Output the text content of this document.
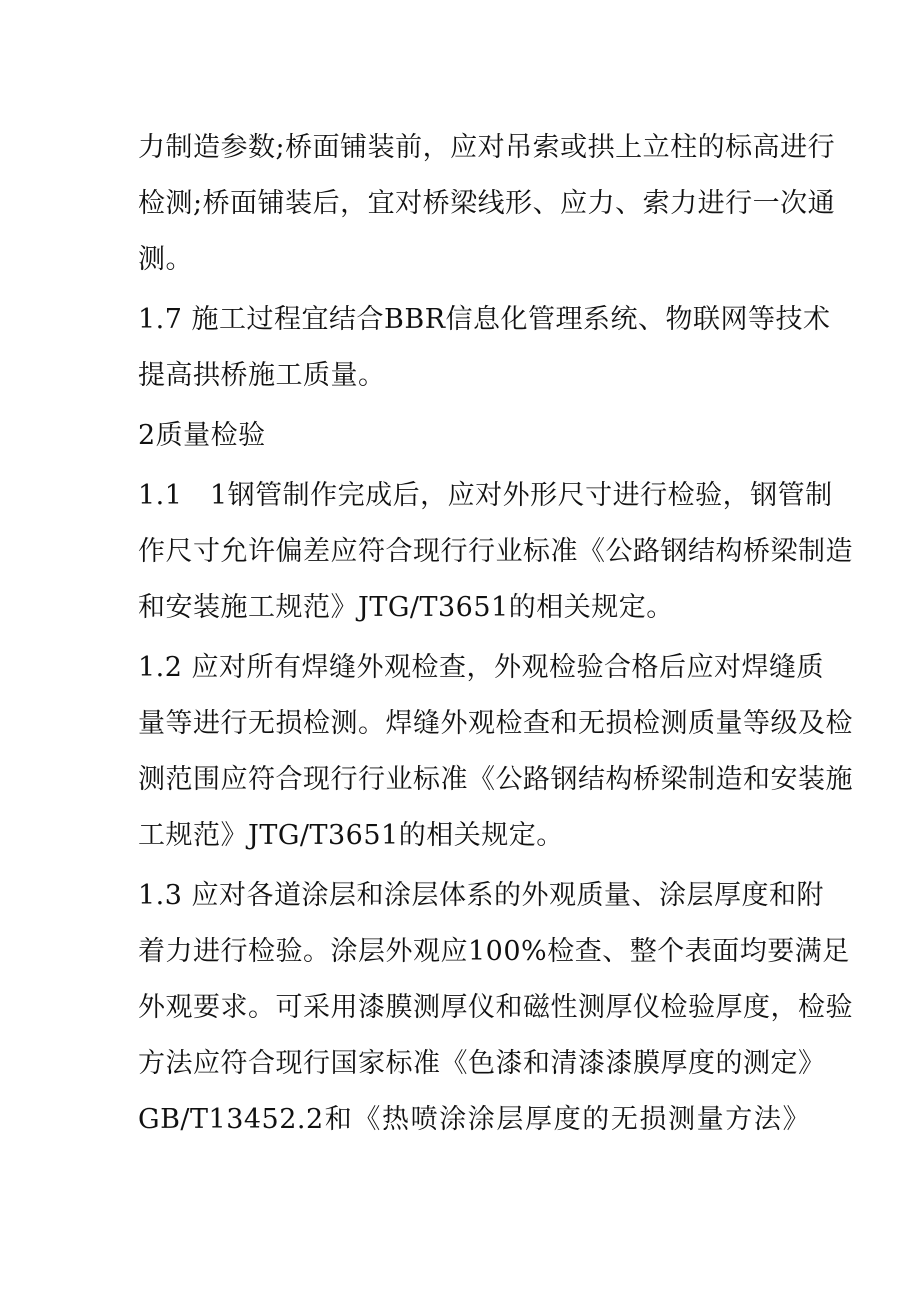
力制造参数;桥面铺装前，应对吊索或拱上立柱的标高进行
检测;桥面铺装后，宜对桥梁线形、应力、索力进行一次通
测。
1.7 施工过程宜结合BBR信息化管理系统、物联网等技术
提高拱桥施工质量。
2质量检验
1.1　1钢管制作完成后，应对外形尺寸进行检验，钢管制
作尺寸允许偏差应符合现行行业标准《公路钢结构桥梁制造
和安装施工规范》JTG/T3651的相关规定。
1.2 应对所有焊缝外观检查，外观检验合格后应对焊缝质
量等进行无损检测。焊缝外观检查和无损检测质量等级及检
测范围应符合现行行业标准《公路钢结构桥梁制造和安装施
工规范》JTG/T3651的相关规定。
1.3 应对各道涂层和涂层体系的外观质量、涂层厚度和附
着力进行检验。涂层外观应100%检查、整个表面均要满足
外观要求。可采用漆膜测厚仪和磁性测厚仪检验厚度，检验
方法应符合现行国家标准《色漆和清漆漆膜厚度的测定》
GB/T13452.2和《热喷涂涂层厚度的无损测量方法》
